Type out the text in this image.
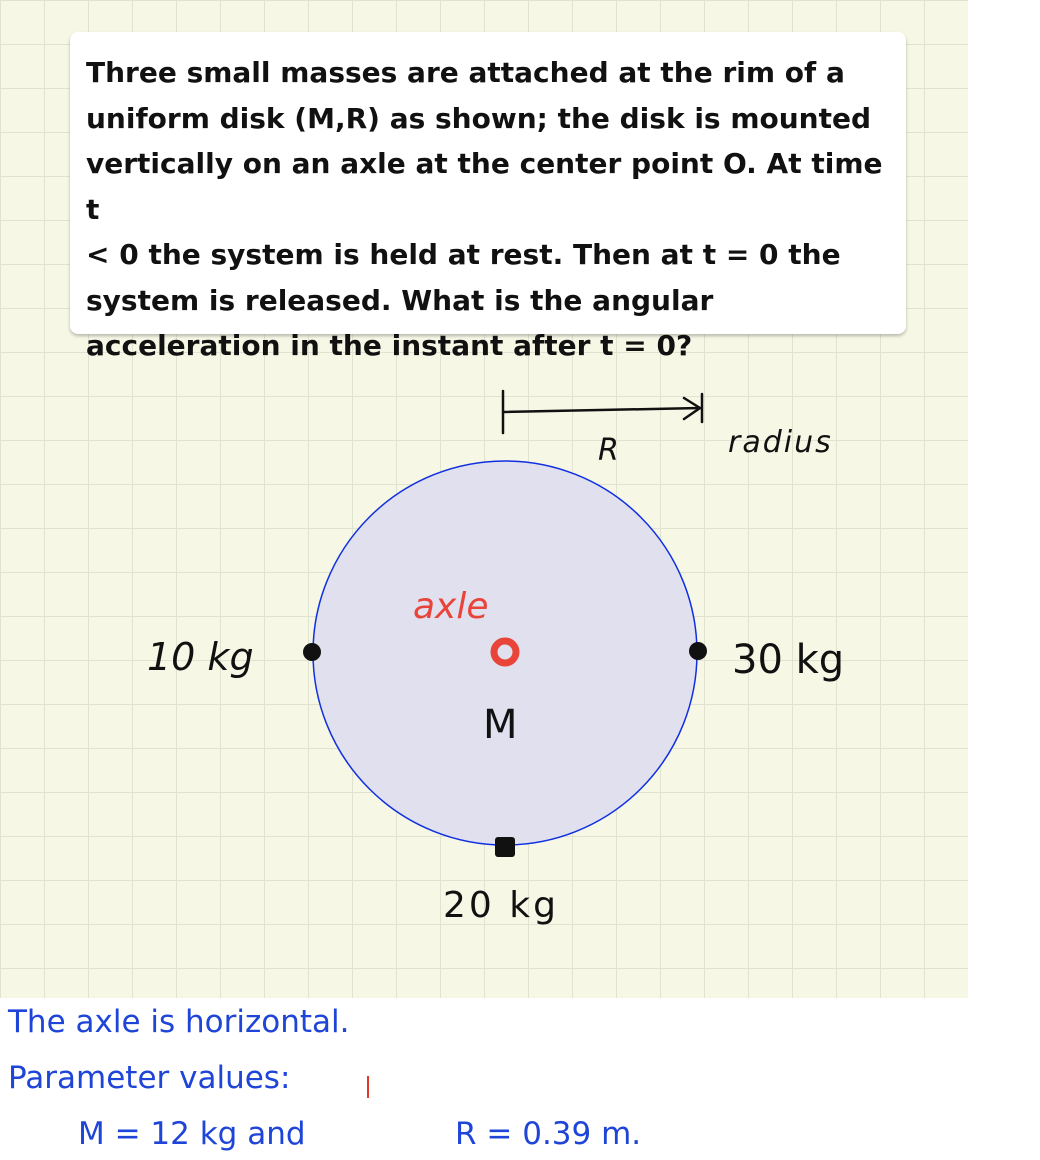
Three small masses are attached at the rim of a
uniform disk (M,R) as shown; the disk is mounted
vertically on an axle at the center point O. At time t
< 0 the system is held at rest. Then at t = 0 the
system is released. What is the angular
acceleration in the instant after t = 0?

R	radius
axle
M
10 kg	30 kg
20 kg
The axle is horizontal.
Parameter values:
M = 12 kg and	R = 0.39 m.
